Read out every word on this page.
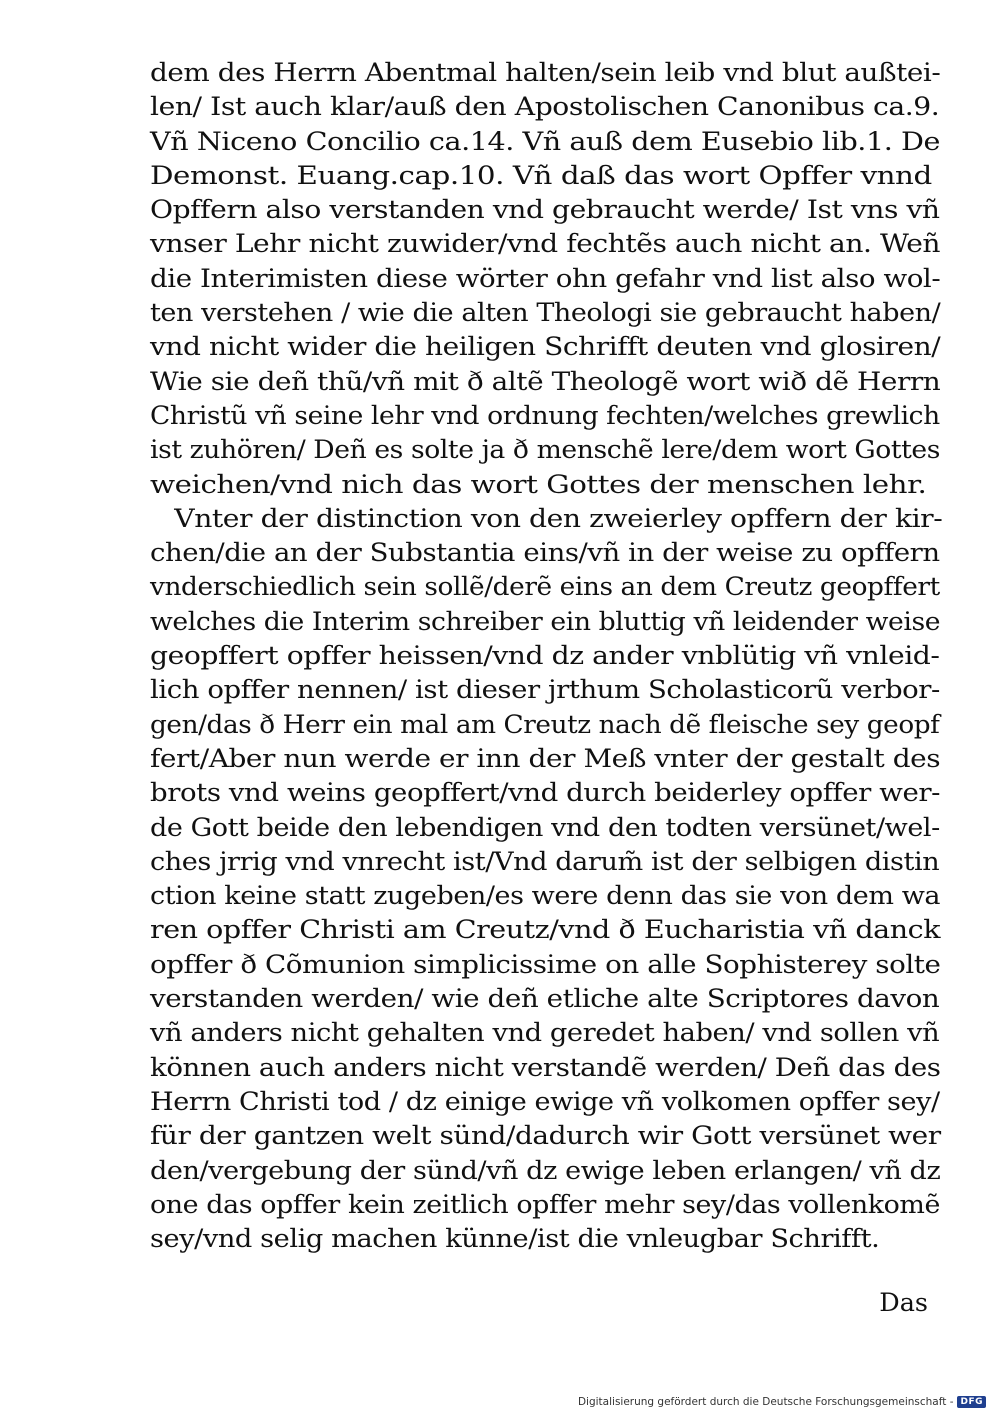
dem des Herrn Abentmal halten/sein leib vnd blut außtei-
len/ Ist auch klar/auß den Apostolischen Canonibus ca.9.
Vñ Niceno Concilio ca.14. Vñ auß dem Eusebio lib.1. De
Demonst. Euang.cap.10. Vñ daß das wort Opffer vnnd
Opffern also verstanden vnd gebraucht werde/ Ist vns vñ
vnser Lehr nicht zuwider/vnd fechtẽs auch nicht an. Weñ
die Interimisten diese wörter ohn gefahr vnd list also wol-
ten verstehen / wie die alten Theologi sie gebraucht haben/
vnd nicht wider die heiligen Schrifft deuten vnd glosiren/
Wie sie deñ thũ/vñ mit ð altẽ Theologẽ wort wið dẽ Herrn
Christũ vñ seine lehr vnd ordnung fechten/welches grewlich
ist zuhören/ Deñ es solte ja ð menschẽ lere/dem wort Gottes
weichen/vnd nich das wort Gottes der menschen lehr.
Vnter der distinction von den zweierley opffern der kir-
chen/die an der Substantia eins/vñ in der weise zu opffern
vnderschiedlich sein sollẽ/derẽ eins an dem Creutz geopffert
welches die Interim schreiber ein bluttig vñ leidender weise
geopffert opffer heissen/vnd dz ander vnblütig vñ vnleid-
lich opffer nennen/ ist dieser jrthum Scholasticorũ verbor-
gen/das ð Herr ein mal am Creutz nach dẽ fleische sey geopf
fert/Aber nun werde er inn der Meß vnter der gestalt des
brots vnd weins geopffert/vnd durch beiderley opffer wer-
de Gott beide den lebendigen vnd den todten versünet/wel-
ches jrrig vnd vnrecht ist/Vnd darum̃ ist der selbigen distin
ction keine statt zugeben/es were denn das sie von dem wa
ren opffer Christi am Creutz/vnd ð Eucharistia vñ danck
opffer ð Cõmunion simplicissime on alle Sophisterey solte
verstanden werden/ wie deñ etliche alte Scriptores davon
vñ anders nicht gehalten vnd geredet haben/ vnd sollen vñ
können auch anders nicht verstandẽ werden/ Deñ das des
Herrn Christi tod / dz einige ewige vñ volkomen opffer sey/
für der gantzen welt sünd/dadurch wir Gott versünet wer
den/vergebung der sünd/vñ dz ewige leben erlangen/ vñ dz
one das opffer kein zeitlich opffer mehr sey/das vollenkomẽ
sey/vnd selig machen künne/ist die vnleugbar Schrifft.
Das
Digitalisierung gefördert durch die Deutsche Forschungsgemeinschaft - DFG
